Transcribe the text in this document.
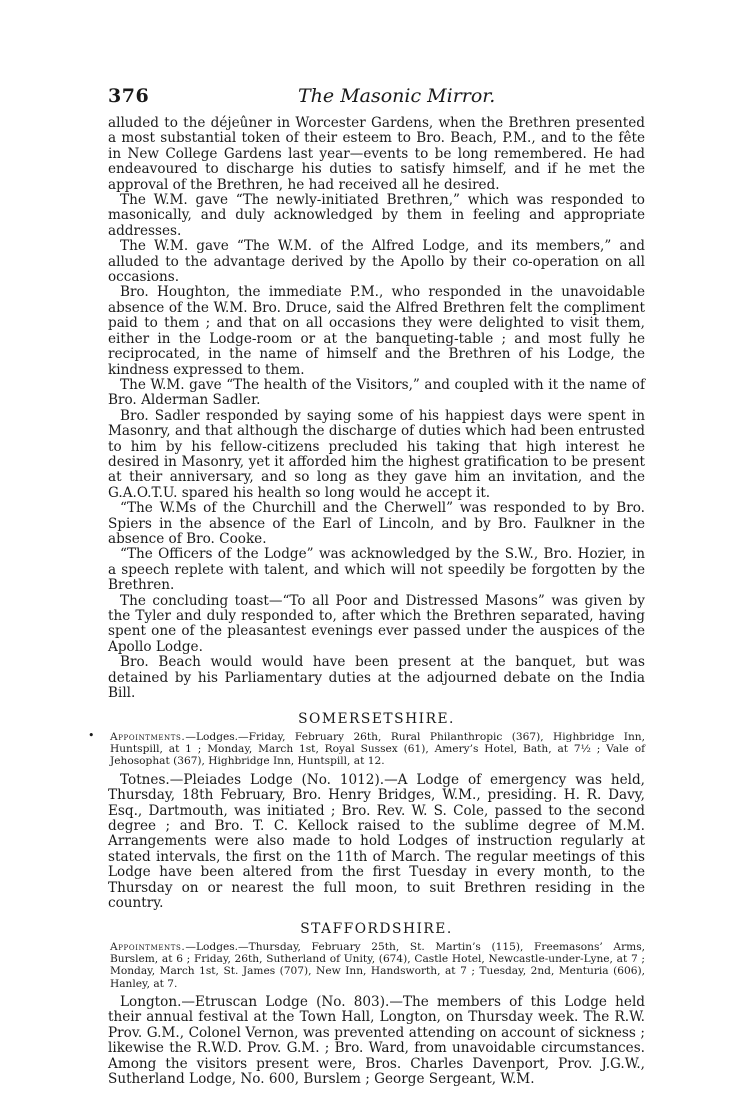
376	The Masonic Mirror.
•

alluded to the déjeûner in Worcester Gardens, when the Brethren presented a most substantial token of their esteem to Bro. Beach, P.M., and to the fête in New College Gardens last year—events to be long remembered. He had endeavoured to discharge his duties to satisfy himself, and if he met the approval of the Brethren, he had received all he desired.

The W.M. gave “The newly-initiated Brethren,” which was responded to masonically, and duly acknowledged by them in feeling and appropriate addresses.

The W.M. gave “The W.M. of the Alfred Lodge, and its members,” and alluded to the advantage derived by the Apollo by their co-operation on all occasions.

Bro. Houghton, the immediate P.M., who responded in the unavoidable absence of the W.M. Bro. Druce, said the Alfred Brethren felt the compliment paid to them ; and that on all occasions they were delighted to visit them, either in the Lodge-room or at the banqueting-table ; and most fully he reciprocated, in the name of himself and the Brethren of his Lodge, the kindness expressed to them.

The W.M. gave “The health of the Visitors,” and coupled with it the name of Bro. Alderman Sadler.

Bro. Sadler responded by saying some of his happiest days were spent in Masonry, and that although the discharge of duties which had been entrusted to him by his fellow-citizens precluded his taking that high interest he desired in Masonry, yet it afforded him the highest gratification to be present at their anniversary, and so long as they gave him an invitation, and the G.A.O.T.U. spared his health so long would he accept it.

“The W.Ms of the Churchill and the Cherwell” was responded to by Bro. Spiers in the absence of the Earl of Lincoln, and by Bro. Faulkner in the absence of Bro. Cooke.

“The Officers of the Lodge” was acknowledged by the S.W., Bro. Hozier, in a speech replete with talent, and which will not speedily be forgotten by the Brethren.

The concluding toast—“To all Poor and Distressed Masons” was given by the Tyler and duly responded to, after which the Brethren separated, having spent one of the pleasantest evenings ever passed under the auspices of the Apollo Lodge.

Bro. Beach would would have been present at the banquet, but was detained by his Parliamentary duties at the adjourned debate on the India Bill.

SOMERSETSHIRE.

Appointments.—Lodges.—Friday, February 26th, Rural Philanthropic (367), Highbridge Inn, Huntspill, at 1 ; Monday, March 1st, Royal Sussex (61), Amery’s Hotel, Bath, at 7½ ; Vale of Jehosophat (367), Highbridge Inn, Huntspill, at 12.

Totnes.—Pleiades Lodge (No. 1012).—A Lodge of emergency was held, Thursday, 18th February, Bro. Henry Bridges, W.M., presiding. H. R. Davy, Esq., Dartmouth, was initiated ; Bro. Rev. W. S. Cole, passed to the second degree ; and Bro. T. C. Kellock raised to the sublime degree of M.M. Arrangements were also made to hold Lodges of instruction regularly at stated intervals, the first on the 11th of March. The regular meetings of this Lodge have been altered from the first Tuesday in every month, to the Thursday on or nearest the full moon, to suit Brethren residing in the country.

STAFFORDSHIRE.

Appointments.—Lodges.—Thursday, February 25th, St. Martin’s (115), Freemasons’ Arms, Burslem, at 6 ; Friday, 26th, Sutherland of Unity, (674), Castle Hotel, Newcastle-under-Lyne, at 7 ; Monday, March 1st, St. James (707), New Inn, Handsworth, at 7 ; Tuesday, 2nd, Menturia (606), Hanley, at 7.

Longton.—Etruscan Lodge (No. 803).—The members of this Lodge held their annual festival at the Town Hall, Longton, on Thursday week. The R.W. Prov. G.M., Colonel Vernon, was prevented attending on account of sickness ; likewise the R.W.D. Prov. G.M. ; Bro. Ward, from unavoidable circumstances. Among the visitors present were, Bros. Charles Davenport, Prov. J.G.W., Sutherland Lodge, No. 600, Burslem ; George Sergeant, W.M.
